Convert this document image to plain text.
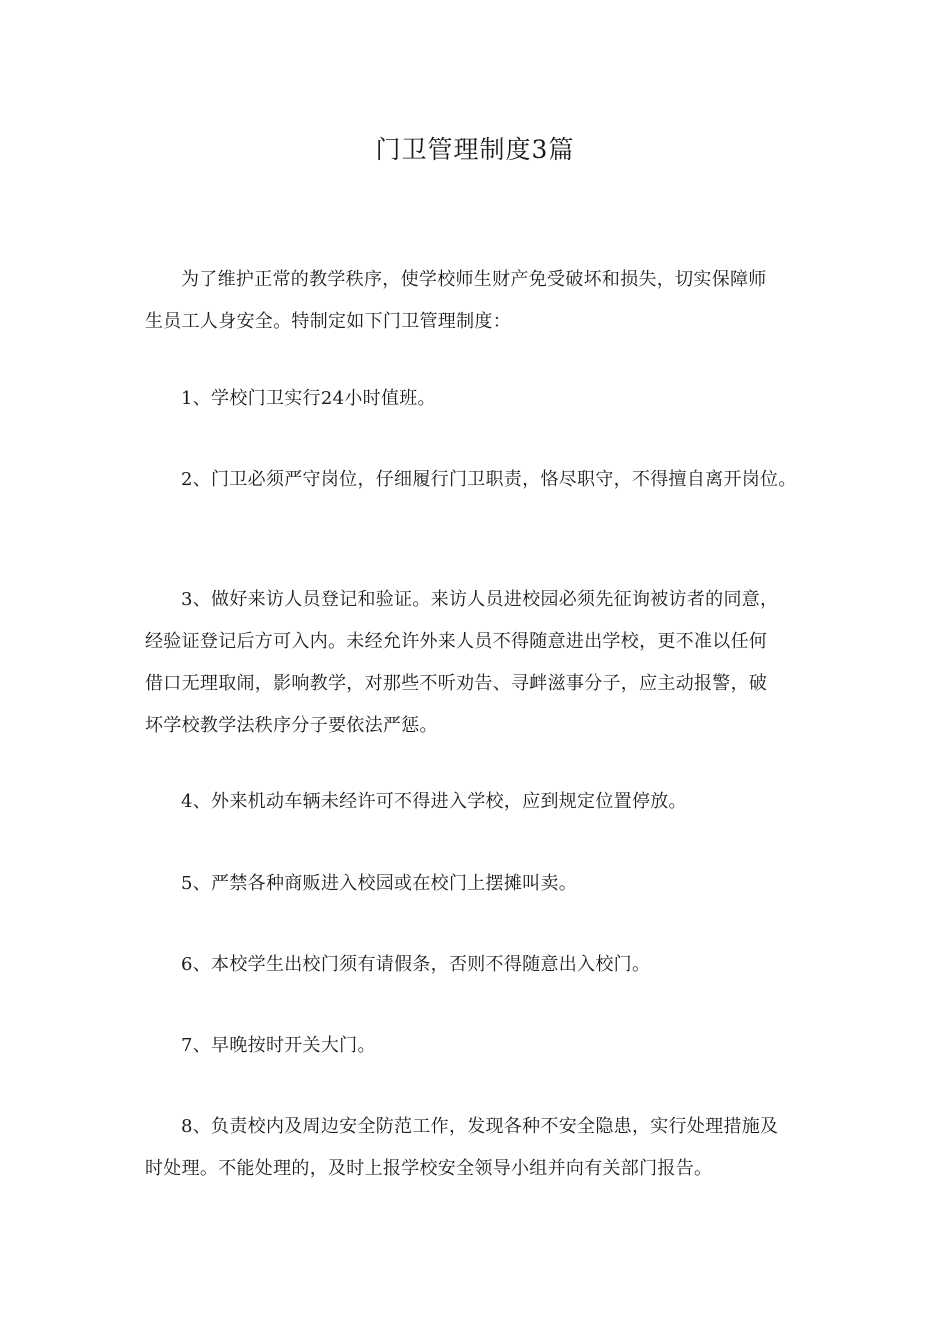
门卫管理制度3篇

为了维护正常的教学秩序，使学校师生财产免受破坏和损失，切实保障师
生员工人身安全。特制定如下门卫管理制度：

1、学校门卫实行24小时值班。

2、门卫必须严守岗位，仔细履行门卫职责，恪尽职守，不得擅自离开岗位。

3、做好来访人员登记和验证。来访人员进校园必须先征询被访者的同意，
经验证登记后方可入内。未经允许外来人员不得随意进出学校，更不准以任何
借口无理取闹，影响教学，对那些不听劝告、寻衅滋事分子，应主动报警，破
坏学校教学法秩序分子要依法严惩。

4、外来机动车辆未经许可不得进入学校，应到规定位置停放。

5、严禁各种商贩进入校园或在校门上摆摊叫卖。

6、本校学生出校门须有请假条，否则不得随意出入校门。

7、早晚按时开关大门。

8、负责校内及周边安全防范工作，发现各种不安全隐患，实行处理措施及
时处理。不能处理的，及时上报学校安全领导小组并向有关部门报告。
